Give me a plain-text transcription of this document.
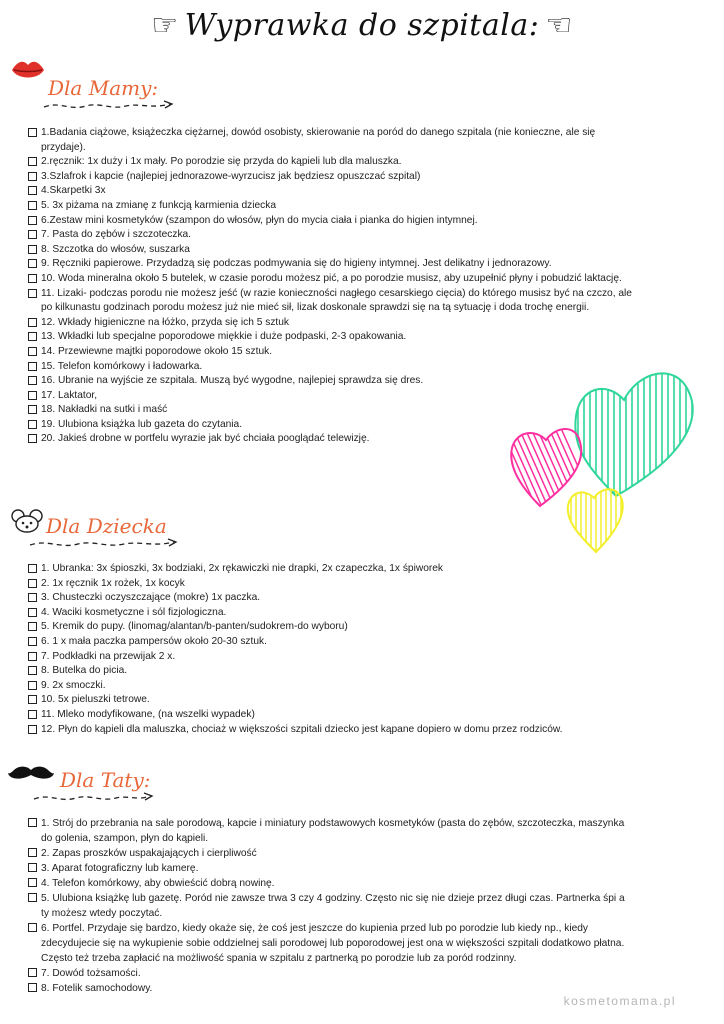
☞ Wyprawka do szpitala: ☜
Dla Mamy:
1.Badania ciążowe, książeczka ciężarnej, dowód osobisty, skierowanie na poród do danego szpitala (nie konieczne, ale się przydaje).
2.ręcznik: 1x duży i 1x mały. Po porodzie się przyda do kąpieli lub dla maluszka.
3.Szlafrok i kapcie (najlepiej jednorazowe-wyrzucisz jak będziesz opuszczać szpital)
4.Skarpetki 3x
5. 3x piżama na zmianę z funkcją karmienia dziecka
6.Zestaw mini kosmetyków (szampon do włosów, płyn do mycia ciała i pianka do higien intymnej.
7. Pasta do zębów i szczoteczka.
8. Szczotka do włosów, suszarka
9. Ręczniki papierowe. Przydadzą się podczas podmywania się do higieny intymnej. Jest delikatny i jednorazowy.
10. Woda mineralna około 5 butelek, w czasie porodu możesz pić, a po porodzie musisz, aby uzupełnić płyny i pobudzić laktację.
11. Lizaki- podczas porodu nie możesz jeść (w razie konieczności nagłego cesarskiego cięcia) do którego musisz być na czczo, ale po kilkunastu godzinach porodu możesz już nie mieć sił, lizak doskonale sprawdzi się na tą sytuację i doda trochę energii.
12. Wkłady higieniczne na łóżko, przyda się ich 5 sztuk
13. Wkładki lub specjalne poporodowe miękkie i duże podpaski, 2-3 opakowania.
14. Przewiewne majtki poporodowe około 15 sztuk.
15. Telefon komórkowy i ładowarka.
16. Ubranie na wyjście ze szpitala. Muszą być wygodne, najlepiej sprawdza się dres.
17. Laktator,
18. Nakładki na sutki i maść
19. Ulubiona książka lub gazeta do czytania.
20. Jakieś drobne w portfelu wyrazie jak być chciała pooglądać telewizję.
Dla Dziecka
1. Ubranka: 3x śpioszki, 3x bodziaki, 2x rękawiczki nie drapki, 2x czapeczka, 1x śpiworek
2. 1x ręcznik 1x rożek, 1x kocyk
3. Chusteczki oczyszczające (mokre) 1x paczka.
4. Waciki kosmetyczne i sól fizjologiczna.
5. Kremik do pupy. (linomag/alantan/b-panten/sudokrem-do wyboru)
6. 1 x mała paczka pampersów około 20-30 sztuk.
7. Podkładki na przewijak 2 x.
8. Butelka do picia.
9. 2x smoczki.
10. 5x pieluszki tetrowe.
11. Mleko modyfikowane, (na wszelki wypadek)
12. Płyn do kąpieli dla maluszka, chociaż w większości szpitali dziecko jest kąpane dopiero w domu przez rodziców.
Dla Taty:
1. Strój do przebrania na sale porodową, kapcie i miniatury podstawowych kosmetyków (pasta do zębów, szczoteczka, maszynka do golenia, szampon, płyn do kąpieli.
2. Zapas proszków uspakajających i cierpliwość
3. Aparat fotograficzny lub kamerę.
4. Telefon komórkowy, aby obwieścić dobrą nowinę.
5. Ulubiona książkę lub gazetę. Poród nie zawsze trwa 3 czy 4 godziny. Często nic się nie dzieje przez długi czas. Partnerka śpi a ty możesz wtedy poczytać.
6. Portfel. Przydaje się bardzo, kiedy okaże się, że coś jest jeszcze do kupienia przed lub po porodzie lub kiedy np., kiedy zdecydujecie się na wykupienie sobie oddzielnej sali porodowej lub poporodowej jest ona w większości szpitali dodatkowo płatna. Często też trzeba zapłacić na możliwość spania w szpitalu z partnerką po porodzie lub za poród rodzinny.
7. Dowód tożsamości.
8. Fotelik samochodowy.
kosmetomama.pl
